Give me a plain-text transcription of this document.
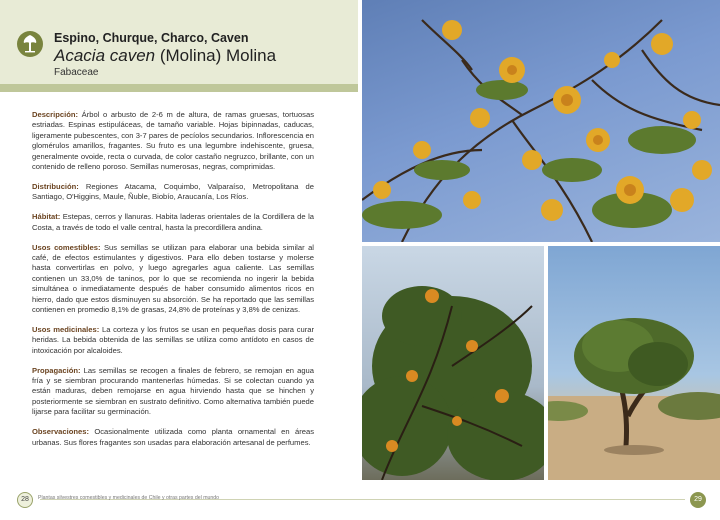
Espino, Churque, Charco, Caven
Acacia caven (Molina) Molina
Fabaceae

Descripción: Árbol o arbusto de 2-6 m de altura, de ramas gruesas, tortuosas estriadas. Espinas estipuláceas, de tamaño variable. Hojas bipinnadas, caducas, ligeramente pubescentes, con 3-7 pares de pecíolos secundarios. Inflorescencia en glomérulos amarillos, fragantes. Su fruto es una legumbre indehiscente, gruesa, generalmente ovoide, recta o curvada, de color castaño negruzco, brillante, con un contenido de relleno poroso. Semillas numerosas, negras, comprimidas.

Distribución: Regiones Atacama, Coquimbo, Valparaíso, Metropolitana de Santiago, O'Higgins, Maule, Ñuble, Biobío, Araucanía, Los Ríos.

Hábitat: Estepas, cerros y llanuras. Habita laderas orientales de la Cordillera de la Costa, a través de todo el valle central, hasta la precordillera andina.

Usos comestibles: Sus semillas se utilizan para elaborar una bebida similar al café, de efectos estimulantes y digestivos. Para ello deben tostarse y molerse hasta convertirlas en polvo, y luego agregarles agua caliente. Las semillas contienen un 33,0% de taninos, por lo que se recomienda no ingerir la bebida simultánea o inmediatamente después de haber consumido alimentos ricos en hierro, dado que estos disminuyen su absorción. Se ha reportado que las semillas contienen en promedio 8,1% de grasas, 24,8% de proteínas y 3,8% de cenizas.

Usos medicinales: La corteza y los frutos se usan en pequeñas dosis para curar heridas. La bebida obtenida de las semillas se utiliza como antídoto en casos de intoxicación por alcaloides.

Propagación: Las semillas se recogen a finales de febrero, se remojan en agua fría y se siembran procurando mantenerlas húmedas. Si se colectan cuando ya están maduras, deben remojarse en agua hirviendo hasta que se hinchen y posteriormente se siembran en sustrato definitivo. Como alternativa también puede lijarse para facilitar su germinación.

Observaciones: Ocasionalmente utilizada como planta ornamental en áreas urbanas. Sus flores fragantes son usadas para elaboración artesanal de perfumes.

28	Plantas silvestres comestibles y medicinales de Chile y otras partes del mundo	29
